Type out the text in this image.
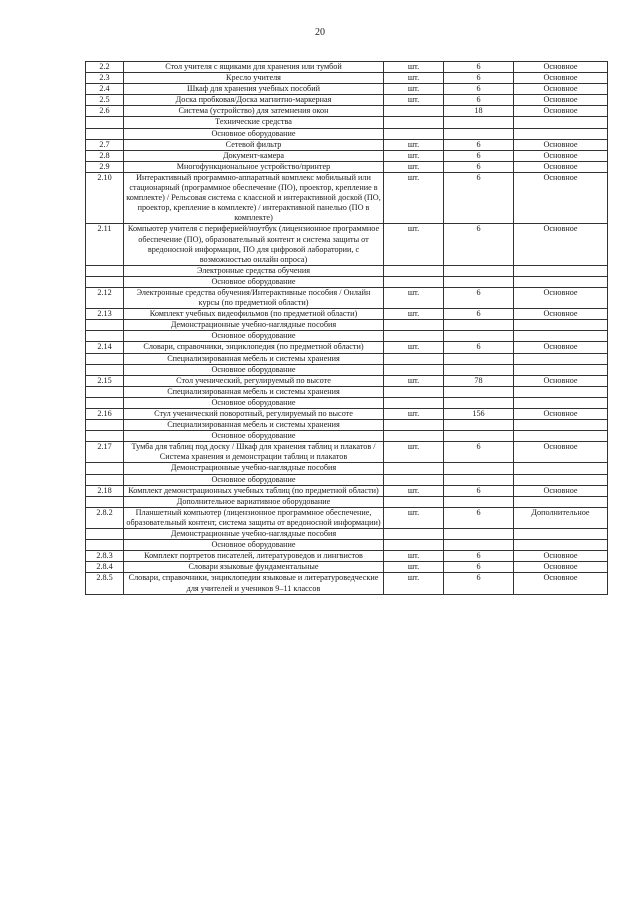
20
2.2	Стол учителя с ящиками для хранения или тумбой	шт.	6	Основное
2.3	Кресло учителя	шт.	6	Основное
2.4	Шкаф для хранения учебных пособий	шт.	6	Основное
2.5	Доска пробковая/Доска магнитно-маркерная	шт.	6	Основное
2.6	Система (устройство) для затемнения окон		18	Основное
	Технические средства			
	Основное оборудование			
2.7	Сетевой фильтр	шт.	6	Основное
2.8	Документ-камера	шт.	6	Основное
2.9	Многофункциональное устройство/принтер	шт.	6	Основное
2.10	Интерактивный программно-аппаратный комплекс мобильный или стационарный (программное обеспечение (ПО), проектор, крепление в комплекте) / Рельсовая система с классной и интерактивной доской (ПО, проектор, крепление в комплекте) / интерактивной панелью (ПО в комплекте)	шт.	6	Основное
2.11	Компьютер учителя с периферией/ноутбук (лицензионное программное обеспечение (ПО), образовательный контент и система защиты от вредоносной информации, ПО для цифровой лаборатории, с возможностью онлайн опроса)	шт.	6	Основное
	Электронные средства обучения			
	Основное оборудование			
2.12	Электронные средства обучения/Интерактивные пособия / Онлайн курсы (по предметной области)	шт.	6	Основное
2.13	Комплект учебных видеофильмов (по предметной области)	шт.	6	Основное
	Демонстрационные учебно-наглядные пособия			
	Основное оборудование			
2.14	Словари, справочники, энциклопедия (по предметной области)	шт.	6	Основное
	Специализированная мебель и системы хранения			
	Основное оборудование			
2.15	Стол ученический, регулируемый по высоте	шт.	78	Основное
	Специализированная мебель и системы хранения			
	Основное оборудование			
2.16	Стул ученический поворотный, регулируемый по высоте	шт.	156	Основное
	Специализированная мебель и системы хранения			
	Основное оборудование			
2.17	Тумба для таблиц под доску / Шкаф для хранения таблиц и плакатов / Система хранения и демонстрации таблиц и плакатов	шт.	6	Основное
	Демонстрационные учебно-наглядные пособия			
	Основное оборудование			
2.18	Комплект демонстрационных учебных таблиц (по предметной области)	шт.	6	Основное
	Дополнительное вариативное оборудование			
2.8.2	Планшетный компьютер (лицензионное программное обеспечение, образовательный контент, система защиты от вредоносной информации)	шт.	6	Дополнительное
	Демонстрационные учебно-наглядные пособия			
	Основное оборудование			
2.8.3	Комплект портретов писателей, литературоведов и лингвистов	шт.	6	Основное
2.8.4	Словари языковые фундаментальные	шт.	6	Основное
2.8.5	Словари, справочники, энциклопедии языковые и литературоведческие для учителей и учеников 9–11 классов	шт.	6	Основное
